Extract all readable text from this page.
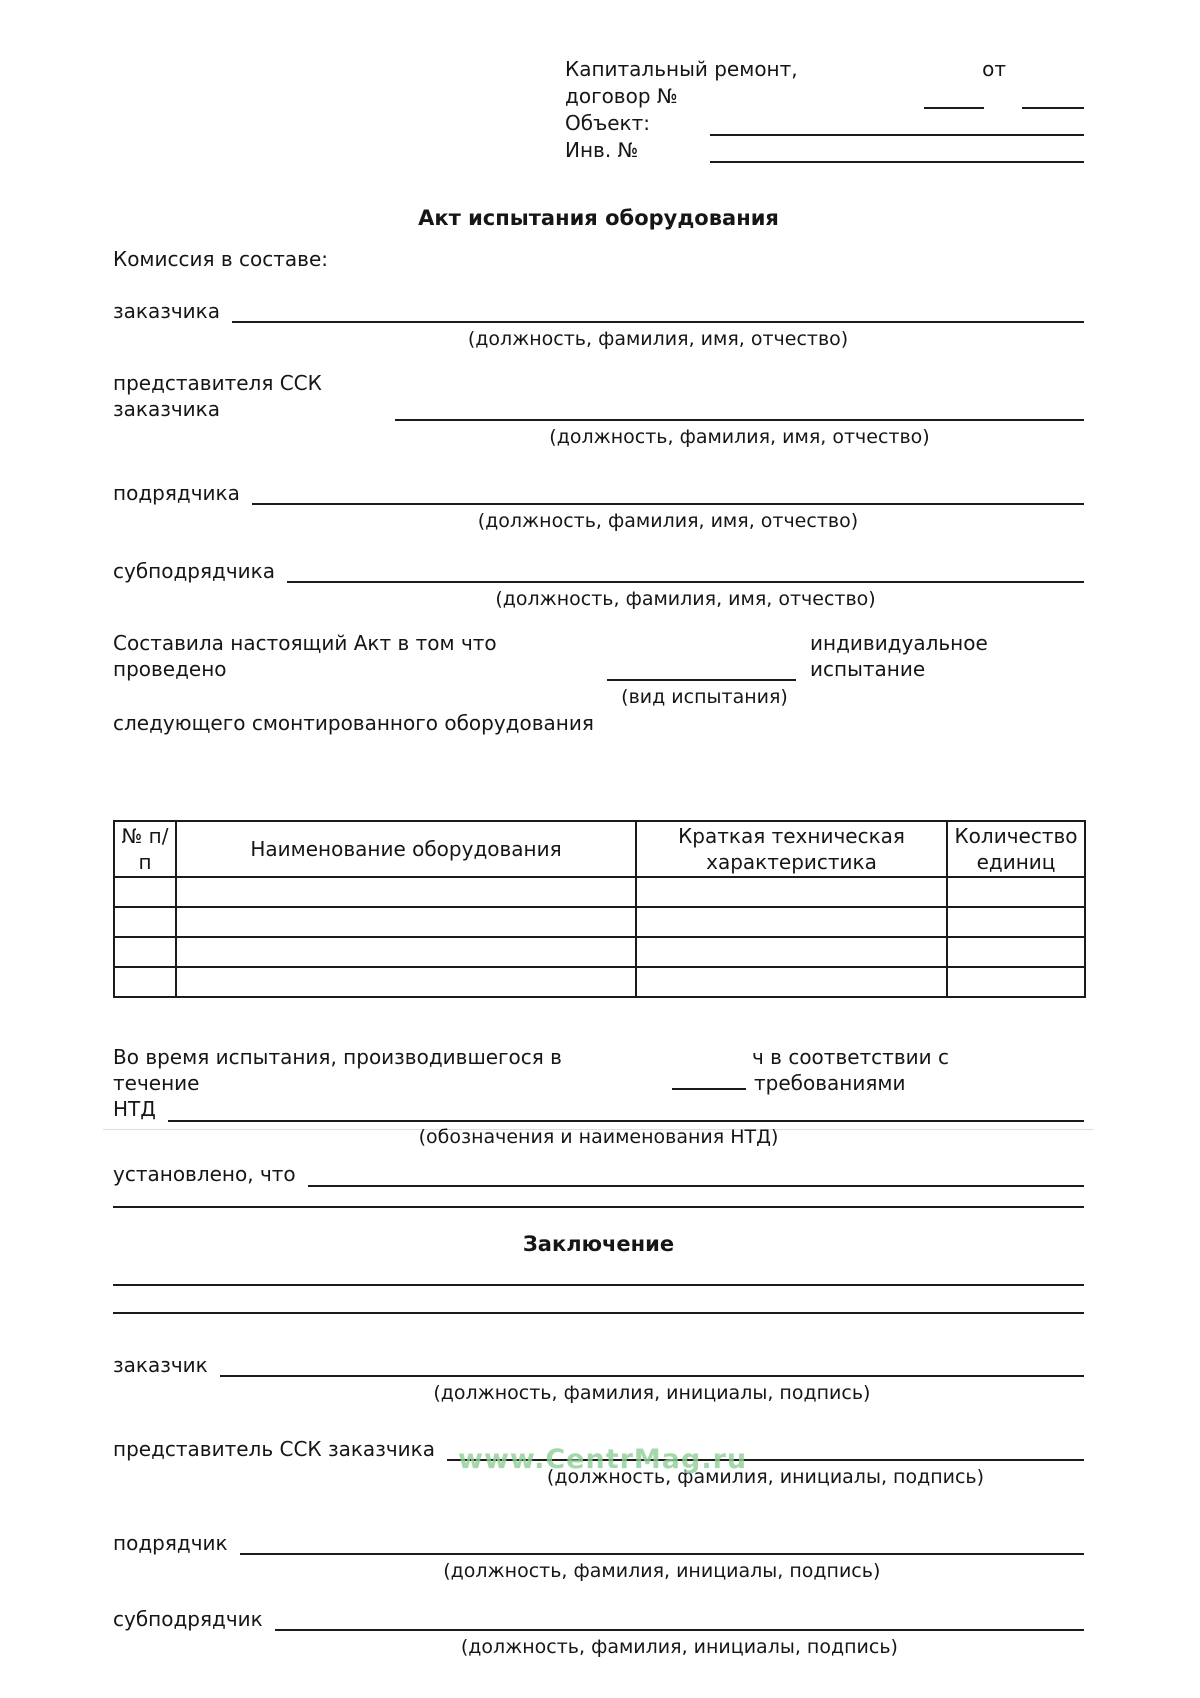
Капитальный ремонт,	от
договор №
Объект:
Инв. №
Акт испытания оборудования

Комиссия в составе:

заказчика
(должность, фамилия, имя, отчество)
представителя ССК
заказчика
(должность, фамилия, имя, отчество)
подрядчика
(должность, фамилия, имя, отчество)
субподрядчика
(должность, фамилия, имя, отчество)
Составила настоящий Акт в том что	индивидуальное
проведено	испытание
(вид испытания)

следующего смонтированного оборудования

№ п/п	Наименование оборудования	Краткая техническая характеристика	Количество единиц

Во время испытания, производившегося в	ч в соответствии с
течение	требованиями
НТД
(обозначения и наименования НТД)
установлено, что
Заключение
заказчик
(должность, фамилия, инициалы, подпись)
представитель ССК заказчика
(должность, фамилия, инициалы, подпись)
подрядчик
(должность, фамилия, инициалы, подпись)
субподрядчик
(должность, фамилия, инициалы, подпись)
www.CentrMag.ru
